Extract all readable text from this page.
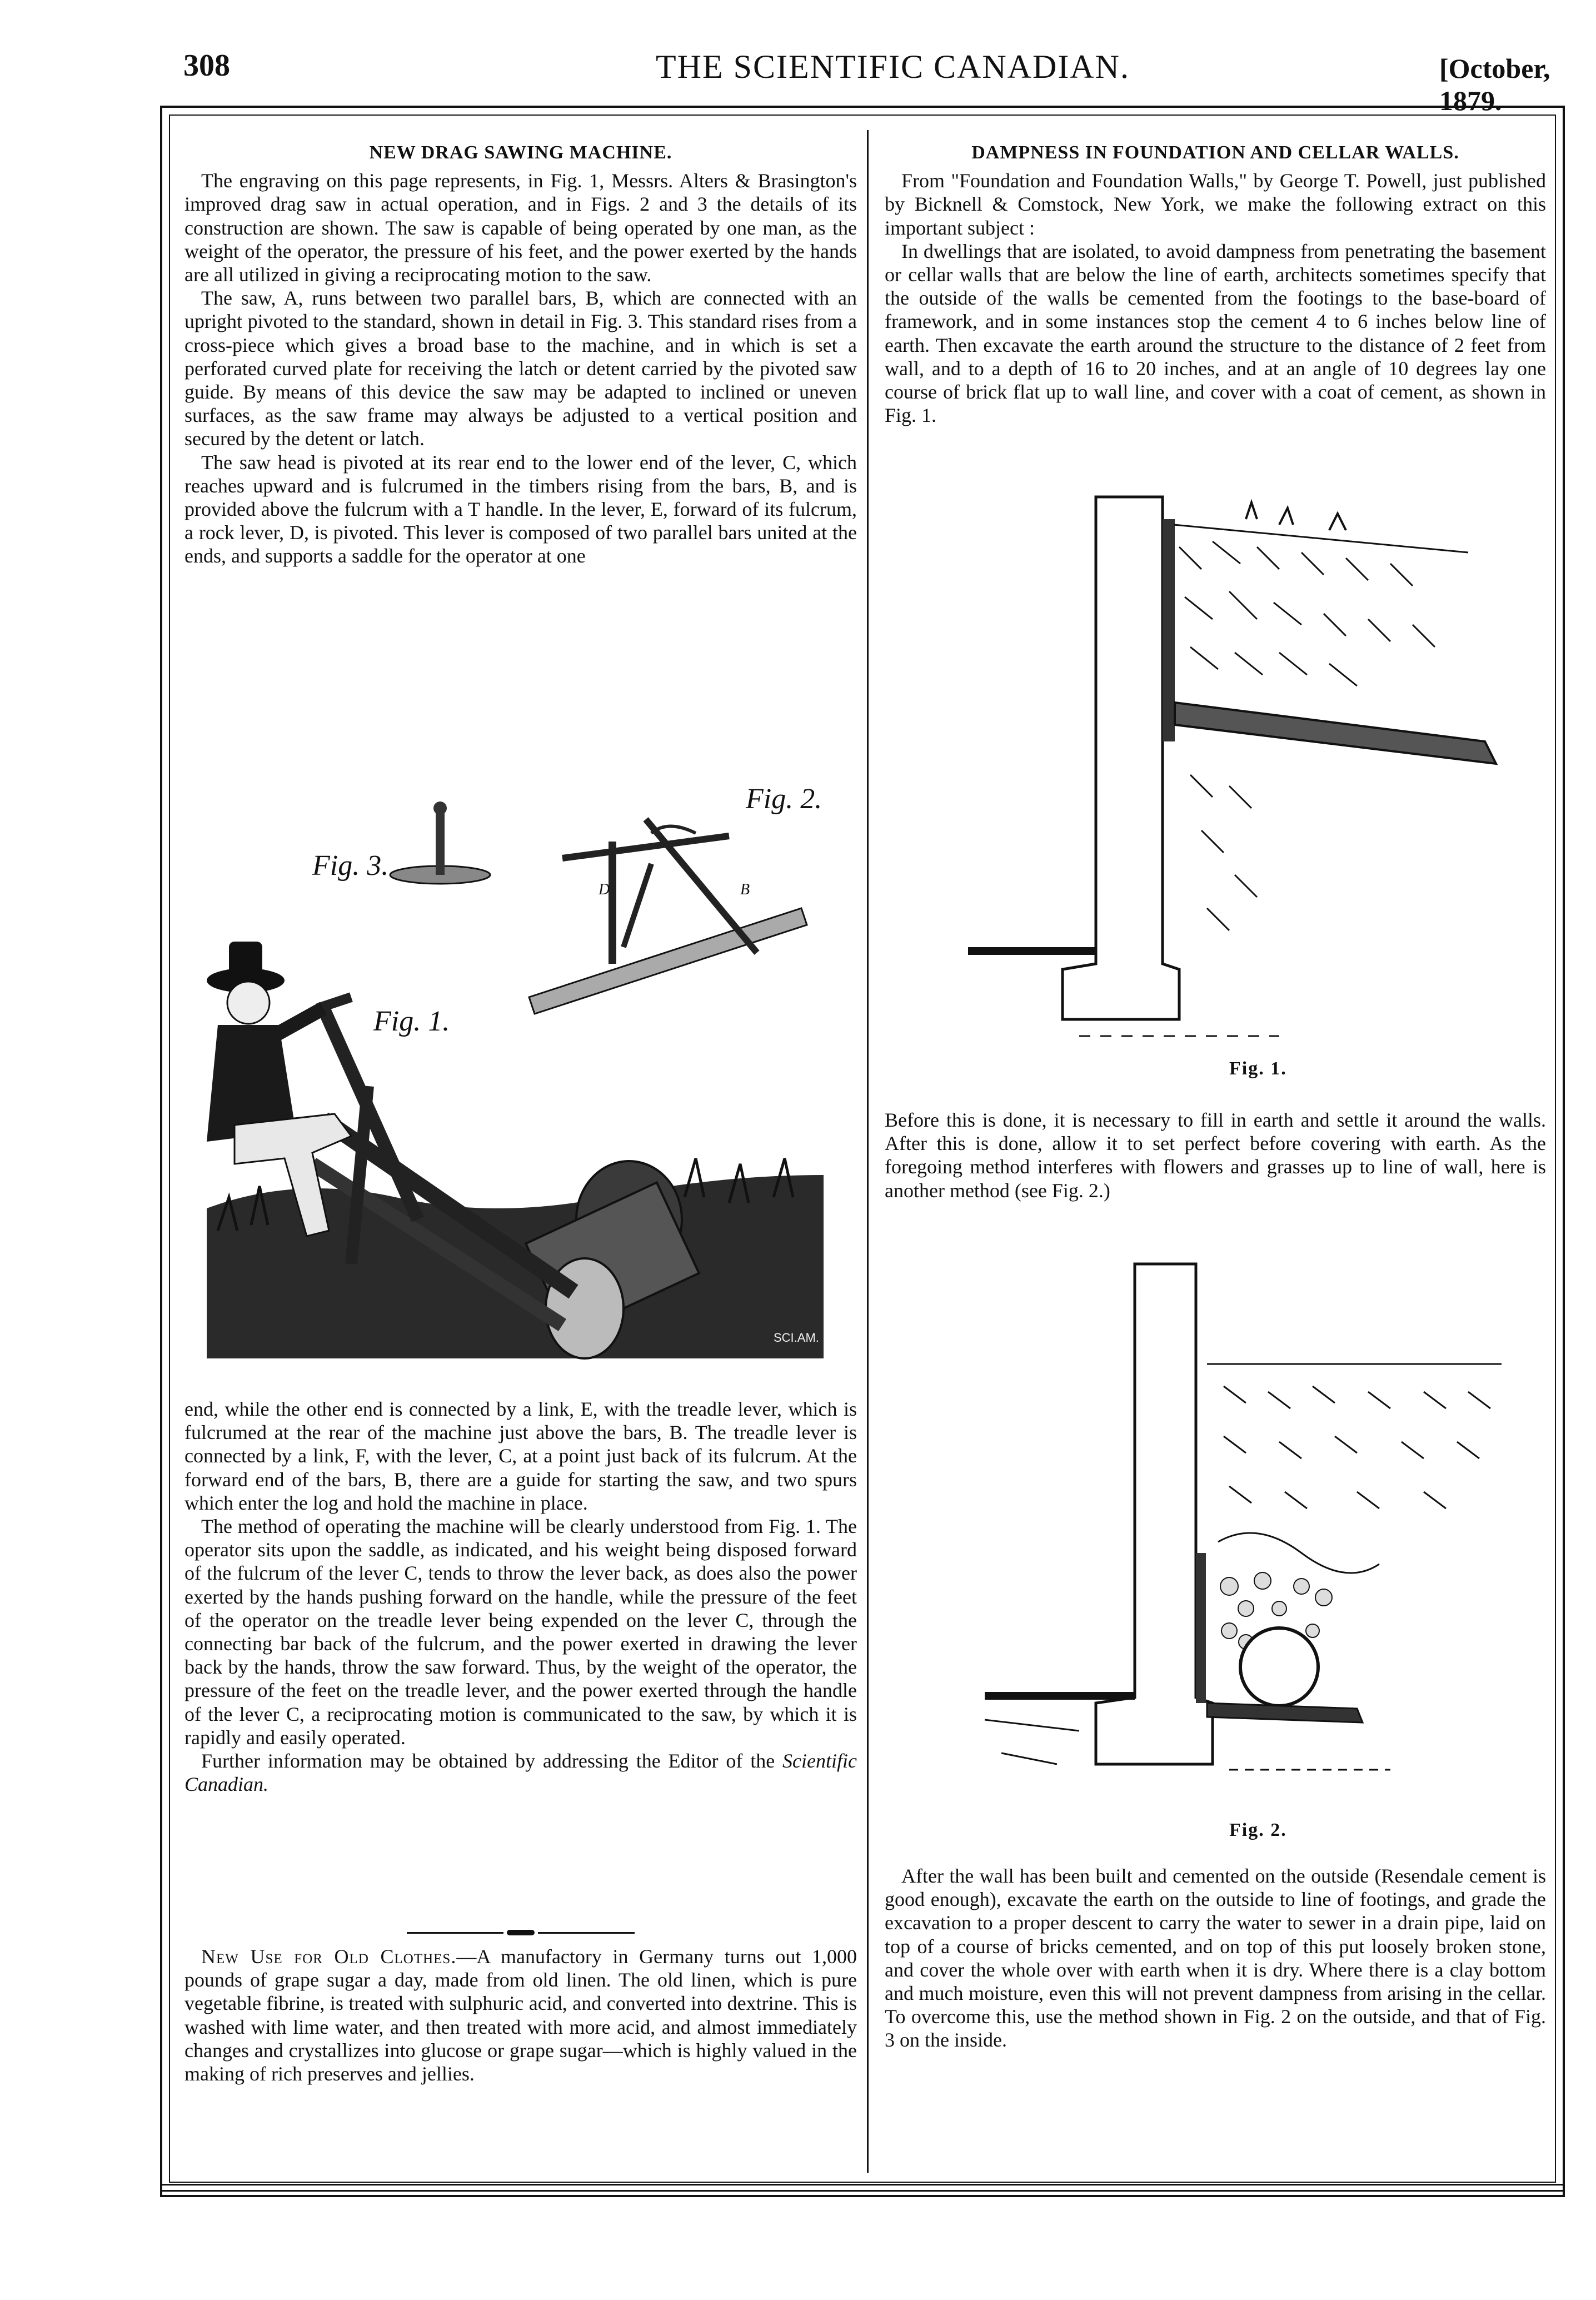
308	THE SCIENTIFIC CANADIAN.	[October, 1879.
NEW DRAG SAWING MACHINE.

The engraving on this page represents, in Fig. 1, Messrs. Alters & Brasington's improved drag saw in actual operation, and in Figs. 2 and 3 the details of its construction are shown. The saw is capable of being operated by one man, as the weight of the operator, the pressure of his feet, and the power exerted by the hands are all utilized in giving a reciprocating motion to the saw.

The saw, A, runs between two parallel bars, B, which are connected with an upright pivoted to the standard, shown in detail in Fig. 3. This standard rises from a cross-piece which gives a broad base to the machine, and in which is set a perforated curved plate for receiving the latch or detent carried by the pivoted saw guide. By means of this device the saw may be adapted to inclined or uneven surfaces, as the saw frame may always be adjusted to a vertical position and secured by the detent or latch.

The saw head is pivoted at its rear end to the lower end of the lever, C, which reaches upward and is fulcrumed in the timbers rising from the bars, B, and is provided above the fulcrum with a T handle. In the lever, E, forward of its fulcrum, a rock lever, D, is pivoted. This lever is composed of two parallel bars united at the ends, and supports a saddle for the operator at one

Fig. 3.
Fig. 2.
Fig. 1.
D	B
SCI.AM.

end, while the other end is connected by a link, E, with the treadle lever, which is fulcrumed at the rear of the machine just above the bars, B. The treadle lever is connected by a link, F, with the lever, C, at a point just back of its fulcrum. At the forward end of the bars, B, there are a guide for starting the saw, and two spurs which enter the log and hold the machine in place.

The method of operating the machine will be clearly understood from Fig. 1. The operator sits upon the saddle, as indicated, and his weight being disposed forward of the fulcrum of the lever C, tends to throw the lever back, as does also the power exerted by the hands pushing forward on the handle, while the pressure of the feet of the operator on the treadle lever being expended on the lever C, through the connecting bar back of the fulcrum, and the power exerted in drawing the lever back by the hands, throw the saw forward. Thus, by the weight of the operator, the pressure of the feet on the treadle lever, and the power exerted through the handle of the lever C, a reciprocating motion is communicated to the saw, by which it is rapidly and easily operated.

Further information may be obtained by addressing the Editor of the Scientific Canadian.

New Use for Old Clothes.—A manufactory in Germany turns out 1,000 pounds of grape sugar a day, made from old linen. The old linen, which is pure vegetable fibrine, is treated with sulphuric acid, and converted into dextrine. This is washed with lime water, and then treated with more acid, and almost immediately changes and crystallizes into glucose or grape sugar—which is highly valued in the making of rich preserves and jellies.

DAMPNESS IN FOUNDATION AND CELLAR WALLS.

From "Foundation and Foundation Walls," by George T. Powell, just published by Bicknell & Comstock, New York, we make the following extract on this important subject :

In dwellings that are isolated, to avoid dampness from penetrating the basement or cellar walls that are below the line of earth, architects sometimes specify that the outside of the walls be cemented from the footings to the base-board of framework, and in some instances stop the cement 4 to 6 inches below line of earth. Then excavate the earth around the structure to the distance of 2 feet from wall, and to a depth of 16 to 20 inches, and at an angle of 10 degrees lay one course of brick flat up to wall line, and cover with a coat of cement, as shown in Fig. 1.

Fig. 1.

Before this is done, it is necessary to fill in earth and settle it around the walls. After this is done, allow it to set perfect before covering with earth. As the foregoing method interferes with flowers and grasses up to line of wall, here is another method (see Fig. 2.)

Fig. 2.

After the wall has been built and cemented on the outside (Resendale cement is good enough), excavate the earth on the outside to line of footings, and grade the excavation to a proper descent to carry the water to sewer in a drain pipe, laid on top of a course of bricks cemented, and on top of this put loosely broken stone, and cover the whole over with earth when it is dry. Where there is a clay bottom and much moisture, even this will not prevent dampness from arising in the cellar. To overcome this, use the method shown in Fig. 2 on the outside, and that of Fig. 3 on the inside.
